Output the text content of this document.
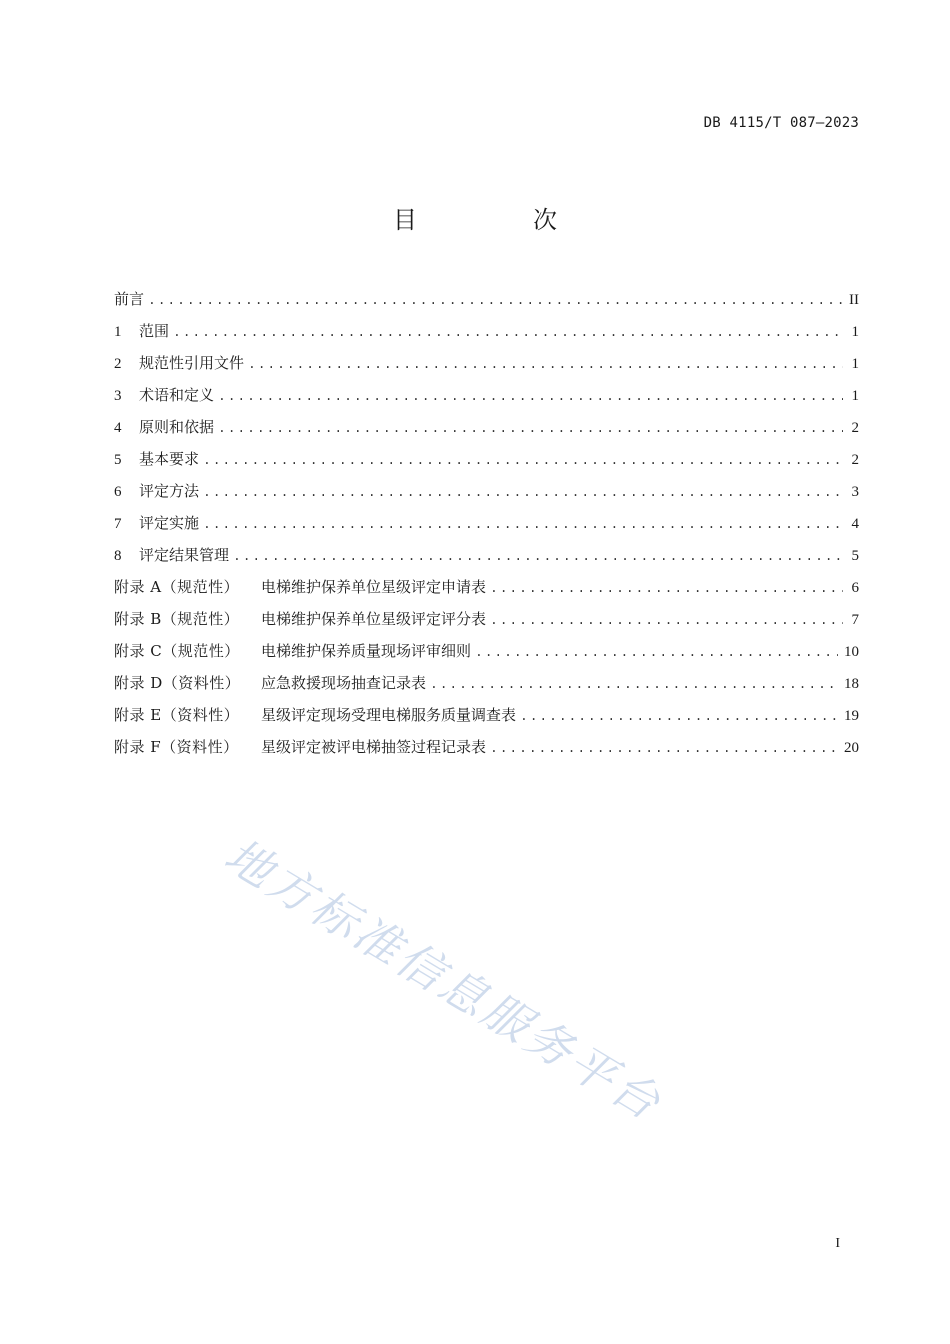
DB 4115/T 087—2023
目　次
前言 .....	II
1 范围 .....	1
2 规范性引用文件 .....	1
3 术语和定义 .....	1
4 原则和依据 .....	2
5 基本要求 .....	2
6 评定方法 .....	3
7 评定实施 .....	4
8 评定结果管理 .....	5
附录 A（规范性） 电梯维护保养单位星级评定申请表 .....	6
附录 B（规范性） 电梯维护保养单位星级评定评分表 .....	7
附录 C（规范性） 电梯维护保养质量现场评审细则 .....	10
附录 D（资料性） 应急救援现场抽查记录表 .....	18
附录 E（资料性） 星级评定现场受理电梯服务质量调查表 .....	19
附录 F（资料性） 星级评定被评电梯抽签过程记录表 .....	20
地方标准信息服务平台
I
